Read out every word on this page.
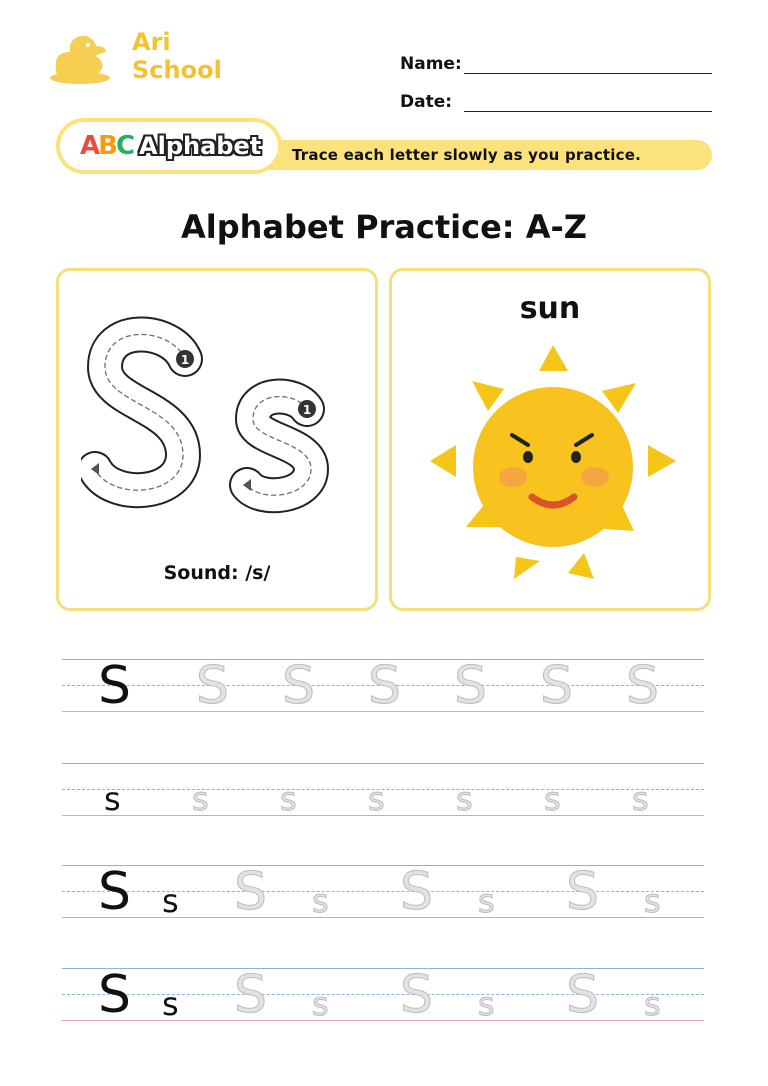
Ari
School	Name:
Date:
Trace each letter slowly as you practice.
ABC Alphabet
Alphabet Practice: A-Z
1
1
Sound: /s/
sun
S S S S S S S
s s s s s s s
S s S s S s S s
S s S s S s S s
